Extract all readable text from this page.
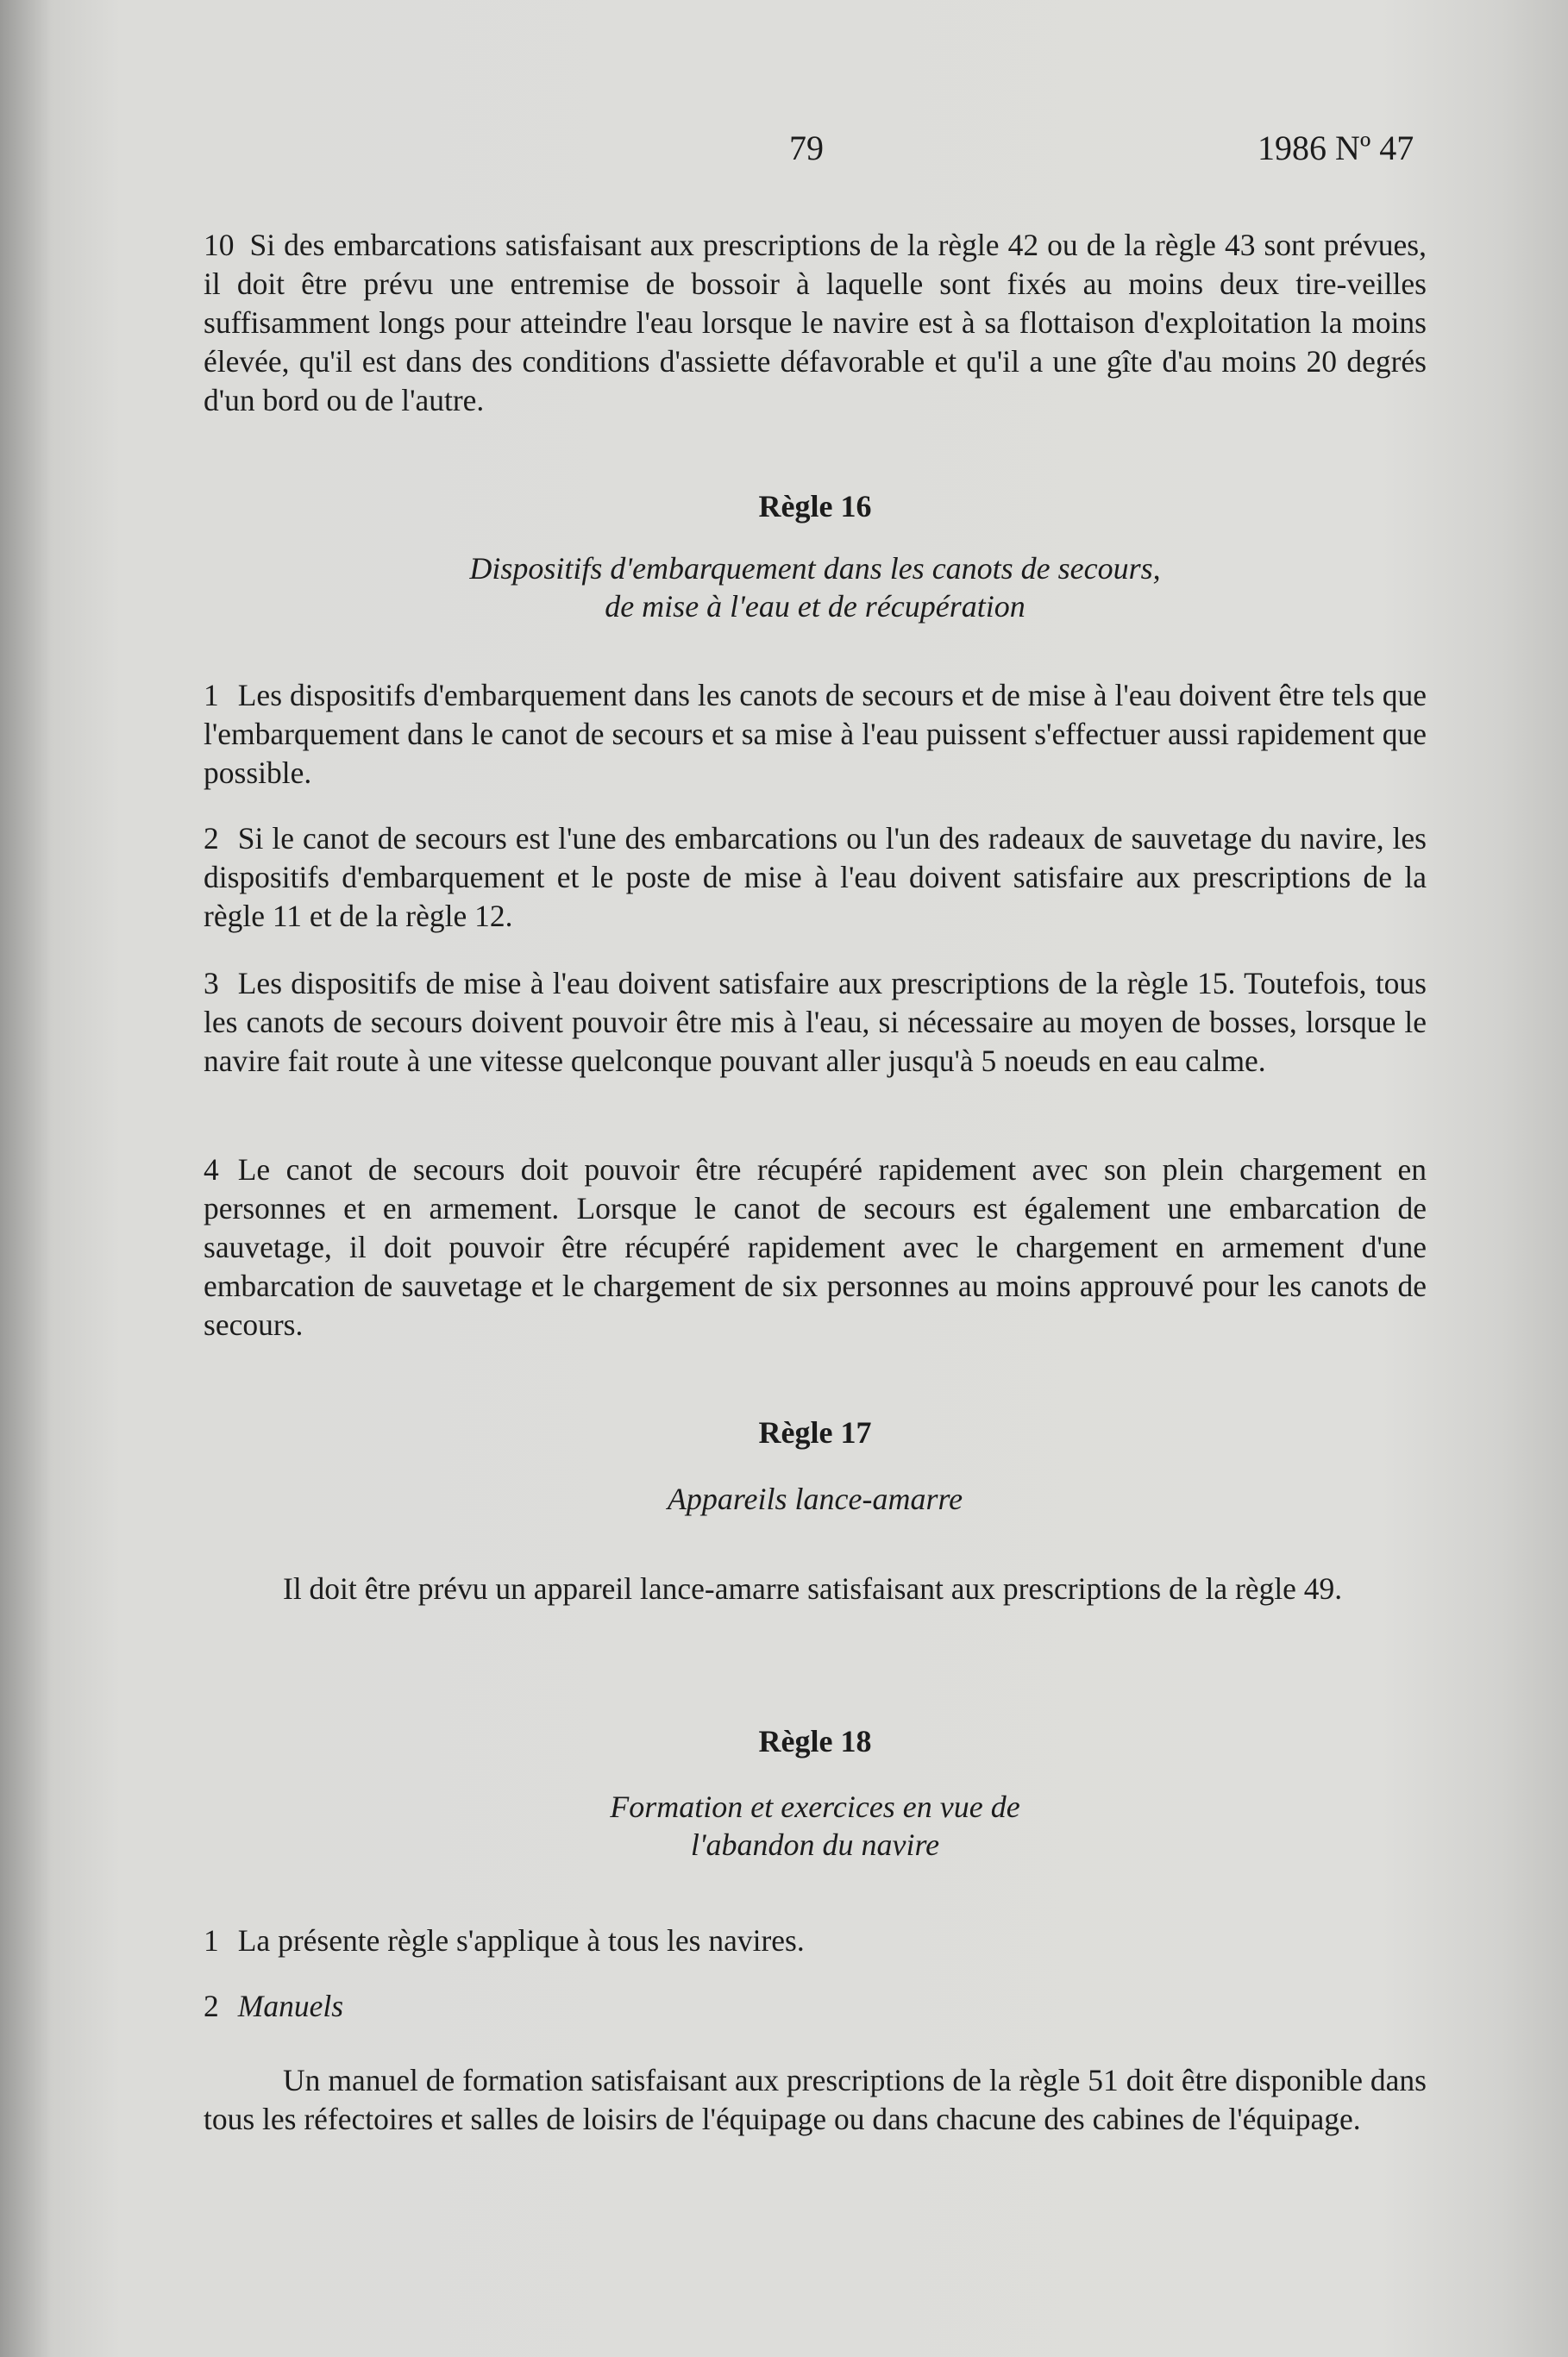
79	1986 Nº 47
10 Si des embarcations satisfaisant aux prescriptions de la règle 42 ou de la règle 43 sont prévues, il doit être prévu une entremise de bossoir à laquelle sont fixés au moins deux tire-veilles suffisamment longs pour atteindre l'eau lorsque le navire est à sa flottaison d'exploitation la moins élevée, qu'il est dans des conditions d'assiette défavorable et qu'il a une gîte d'au moins 20 degrés d'un bord ou de l'autre.
Règle 16
Dispositifs d'embarquement dans les canots de secours,
de mise à l'eau et de récupération
1 Les dispositifs d'embarquement dans les canots de secours et de mise à l'eau doivent être tels que l'embarquement dans le canot de secours et sa mise à l'eau puissent s'effectuer aussi rapidement que possible.
2 Si le canot de secours est l'une des embarcations ou l'un des radeaux de sauvetage du navire, les dispositifs d'embarquement et le poste de mise à l'eau doivent satisfaire aux prescriptions de la règle 11 et de la règle 12.
3 Les dispositifs de mise à l'eau doivent satisfaire aux prescriptions de la règle 15. Toutefois, tous les canots de secours doivent pouvoir être mis à l'eau, si nécessaire au moyen de bosses, lorsque le navire fait route à une vitesse quelconque pouvant aller jusqu'à 5 noeuds en eau calme.
4 Le canot de secours doit pouvoir être récupéré rapidement avec son plein chargement en personnes et en armement. Lorsque le canot de secours est également une embarcation de sauvetage, il doit pouvoir être récupéré rapidement avec le chargement en armement d'une embarcation de sauvetage et le chargement de six personnes au moins approuvé pour les canots de secours.
Règle 17
Appareils lance-amarre
Il doit être prévu un appareil lance-amarre satisfaisant aux prescriptions de la règle 49.
Règle 18
Formation et exercices en vue de
l'abandon du navire
1 La présente règle s'applique à tous les navires.
2 Manuels
Un manuel de formation satisfaisant aux prescriptions de la règle 51 doit être disponible dans tous les réfectoires et salles de loisirs de l'équipage ou dans chacune des cabines de l'équipage.
